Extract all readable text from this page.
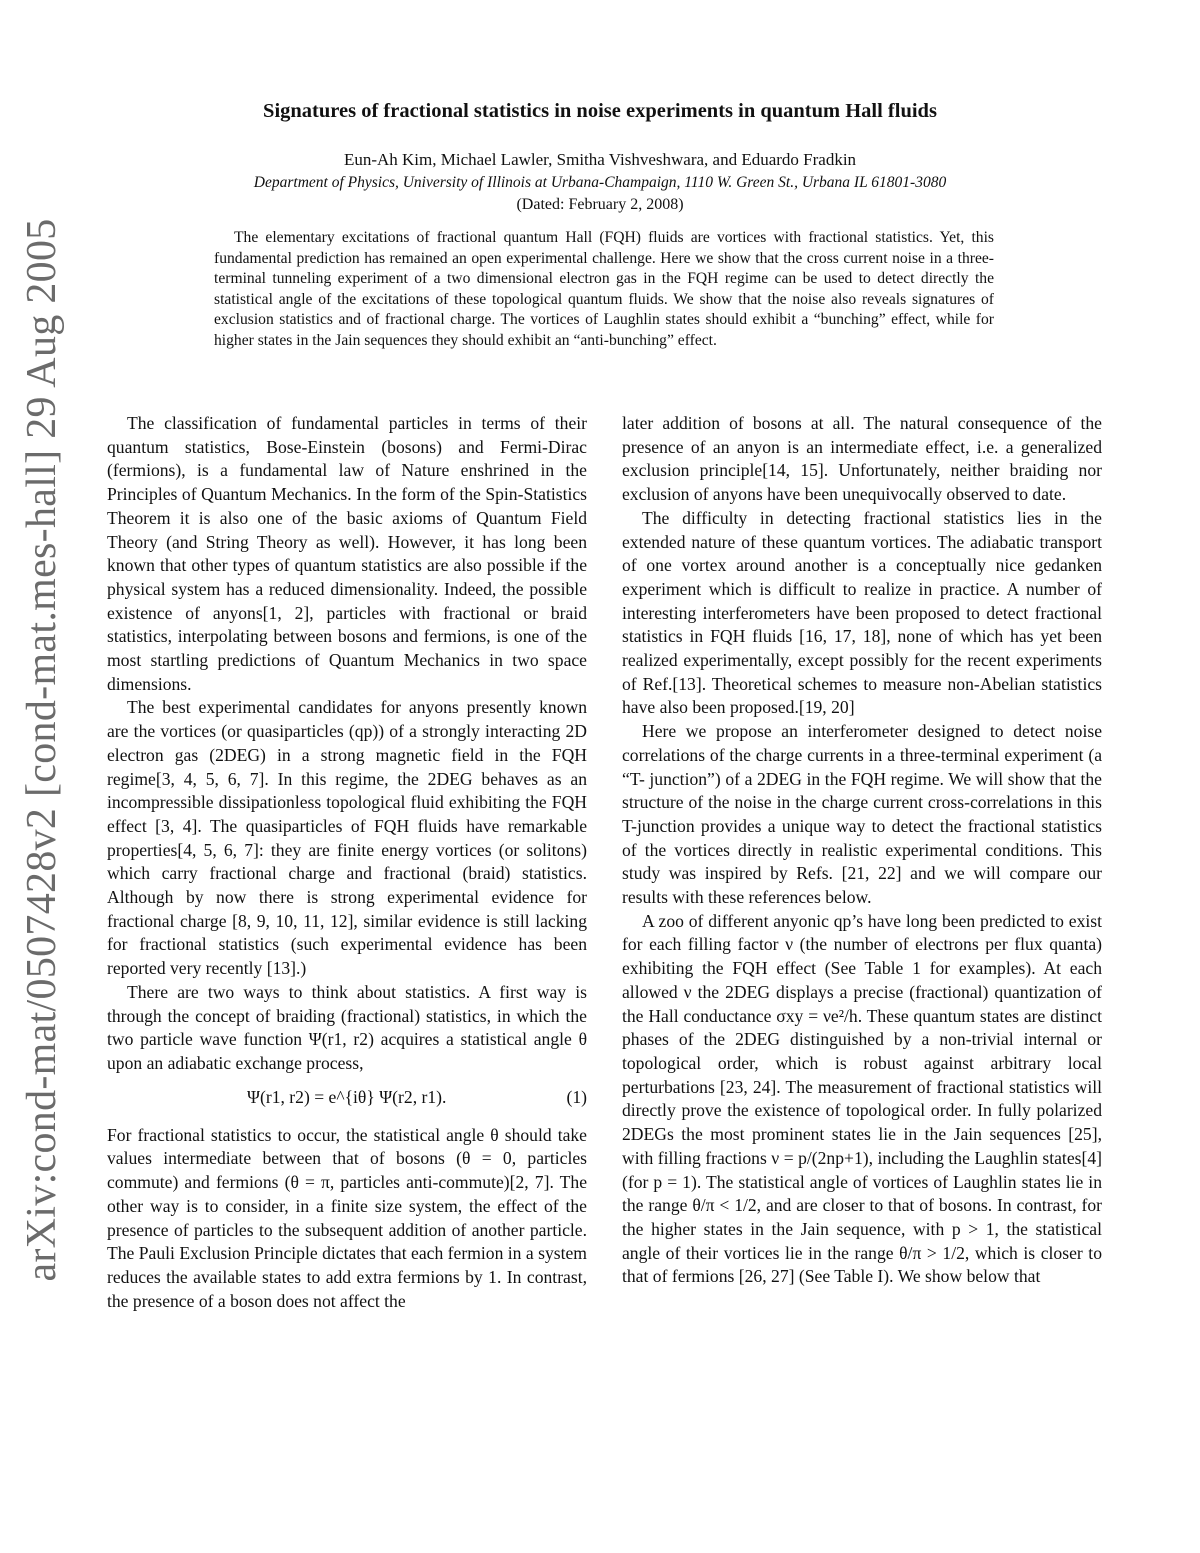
arXiv:cond-mat/0507428v2 [cond-mat.mes-hall] 29 Aug 2005
Signatures of fractional statistics in noise experiments in quantum Hall fluids
Eun-Ah Kim, Michael Lawler, Smitha Vishveshwara, and Eduardo Fradkin
Department of Physics, University of Illinois at Urbana-Champaign, 1110 W. Green St., Urbana IL 61801-3080
(Dated: February 2, 2008)
The elementary excitations of fractional quantum Hall (FQH) fluids are vortices with fractional statistics. Yet, this fundamental prediction has remained an open experimental challenge. Here we show that the cross current noise in a three-terminal tunneling experiment of a two dimensional electron gas in the FQH regime can be used to detect directly the statistical angle of the excitations of these topological quantum fluids. We show that the noise also reveals signatures of exclusion statistics and of fractional charge. The vortices of Laughlin states should exhibit a “bunching” effect, while for higher states in the Jain sequences they should exhibit an “anti-bunching” effect.

The classification of fundamental particles in terms of their quantum statistics, Bose-Einstein (bosons) and Fermi-Dirac (fermions), is a fundamental law of Nature enshrined in the Principles of Quantum Mechanics. In the form of the Spin-Statistics Theorem it is also one of the basic axioms of Quantum Field Theory (and String Theory as well). However, it has long been known that other types of quantum statistics are also possible if the physical system has a reduced dimensionality. Indeed, the possible existence of anyons[1, 2], particles with fractional or braid statistics, interpolating between bosons and fermions, is one of the most startling predictions of Quantum Mechanics in two space dimensions.

The best experimental candidates for anyons presently known are the vortices (or quasiparticles (qp)) of a strongly interacting 2D electron gas (2DEG) in a strong magnetic field in the FQH regime[3, 4, 5, 6, 7]. In this regime, the 2DEG behaves as an incompressible dissipationless topological fluid exhibiting the FQH effect [3, 4]. The quasiparticles of FQH fluids have remarkable properties[4, 5, 6, 7]: they are finite energy vortices (or solitons) which carry fractional charge and fractional (braid) statistics. Although by now there is strong experimental evidence for fractional charge [8, 9, 10, 11, 12], similar evidence is still lacking for fractional statistics (such experimental evidence has been reported very recently [13].)

There are two ways to think about statistics. A first way is through the concept of braiding (fractional) statistics, in which the two particle wave function Ψ(r1, r2) acquires a statistical angle θ upon an adiabatic exchange process,

Ψ(r1, r2) = e^{iθ} Ψ(r2, r1).	(1)

For fractional statistics to occur, the statistical angle θ should take values intermediate between that of bosons (θ = 0, particles commute) and fermions (θ = π, particles anti-commute)[2, 7]. The other way is to consider, in a finite size system, the effect of the presence of particles to the subsequent addition of another particle. The Pauli Exclusion Principle dictates that each fermion in a system reduces the available states to add extra fermions by 1. In contrast, the presence of a boson does not affect the

later addition of bosons at all. The natural consequence of the presence of an anyon is an intermediate effect, i.e. a generalized exclusion principle[14, 15]. Unfortunately, neither braiding nor exclusion of anyons have been unequivocally observed to date.

The difficulty in detecting fractional statistics lies in the extended nature of these quantum vortices. The adiabatic transport of one vortex around another is a conceptually nice gedanken experiment which is difficult to realize in practice. A number of interesting interferometers have been proposed to detect fractional statistics in FQH fluids [16, 17, 18], none of which has yet been realized experimentally, except possibly for the recent experiments of Ref.[13]. Theoretical schemes to measure non-Abelian statistics have also been proposed.[19, 20]

Here we propose an interferometer designed to detect noise correlations of the charge currents in a three-terminal experiment (a “T- junction”) of a 2DEG in the FQH regime. We will show that the structure of the noise in the charge current cross-correlations in this T-junction provides a unique way to detect the fractional statistics of the vortices directly in realistic experimental conditions. This study was inspired by Refs. [21, 22] and we will compare our results with these references below.

A zoo of different anyonic qp’s have long been predicted to exist for each filling factor ν (the number of electrons per flux quanta) exhibiting the FQH effect (See Table 1 for examples). At each allowed ν the 2DEG displays a precise (fractional) quantization of the Hall conductance σxy = νe²/h. These quantum states are distinct phases of the 2DEG distinguished by a non-trivial internal or topological order, which is robust against arbitrary local perturbations [23, 24]. The measurement of fractional statistics will directly prove the existence of topological order. In fully polarized 2DEGs the most prominent states lie in the Jain sequences [25], with filling fractions ν = p/(2np+1), including the Laughlin states[4] (for p = 1). The statistical angle of vortices of Laughlin states lie in the range θ/π < 1/2, and are closer to that of bosons. In contrast, for the higher states in the Jain sequence, with p > 1, the statistical angle of their vortices lie in the range θ/π > 1/2, which is closer to that of fermions [26, 27] (See Table I). We show below that
